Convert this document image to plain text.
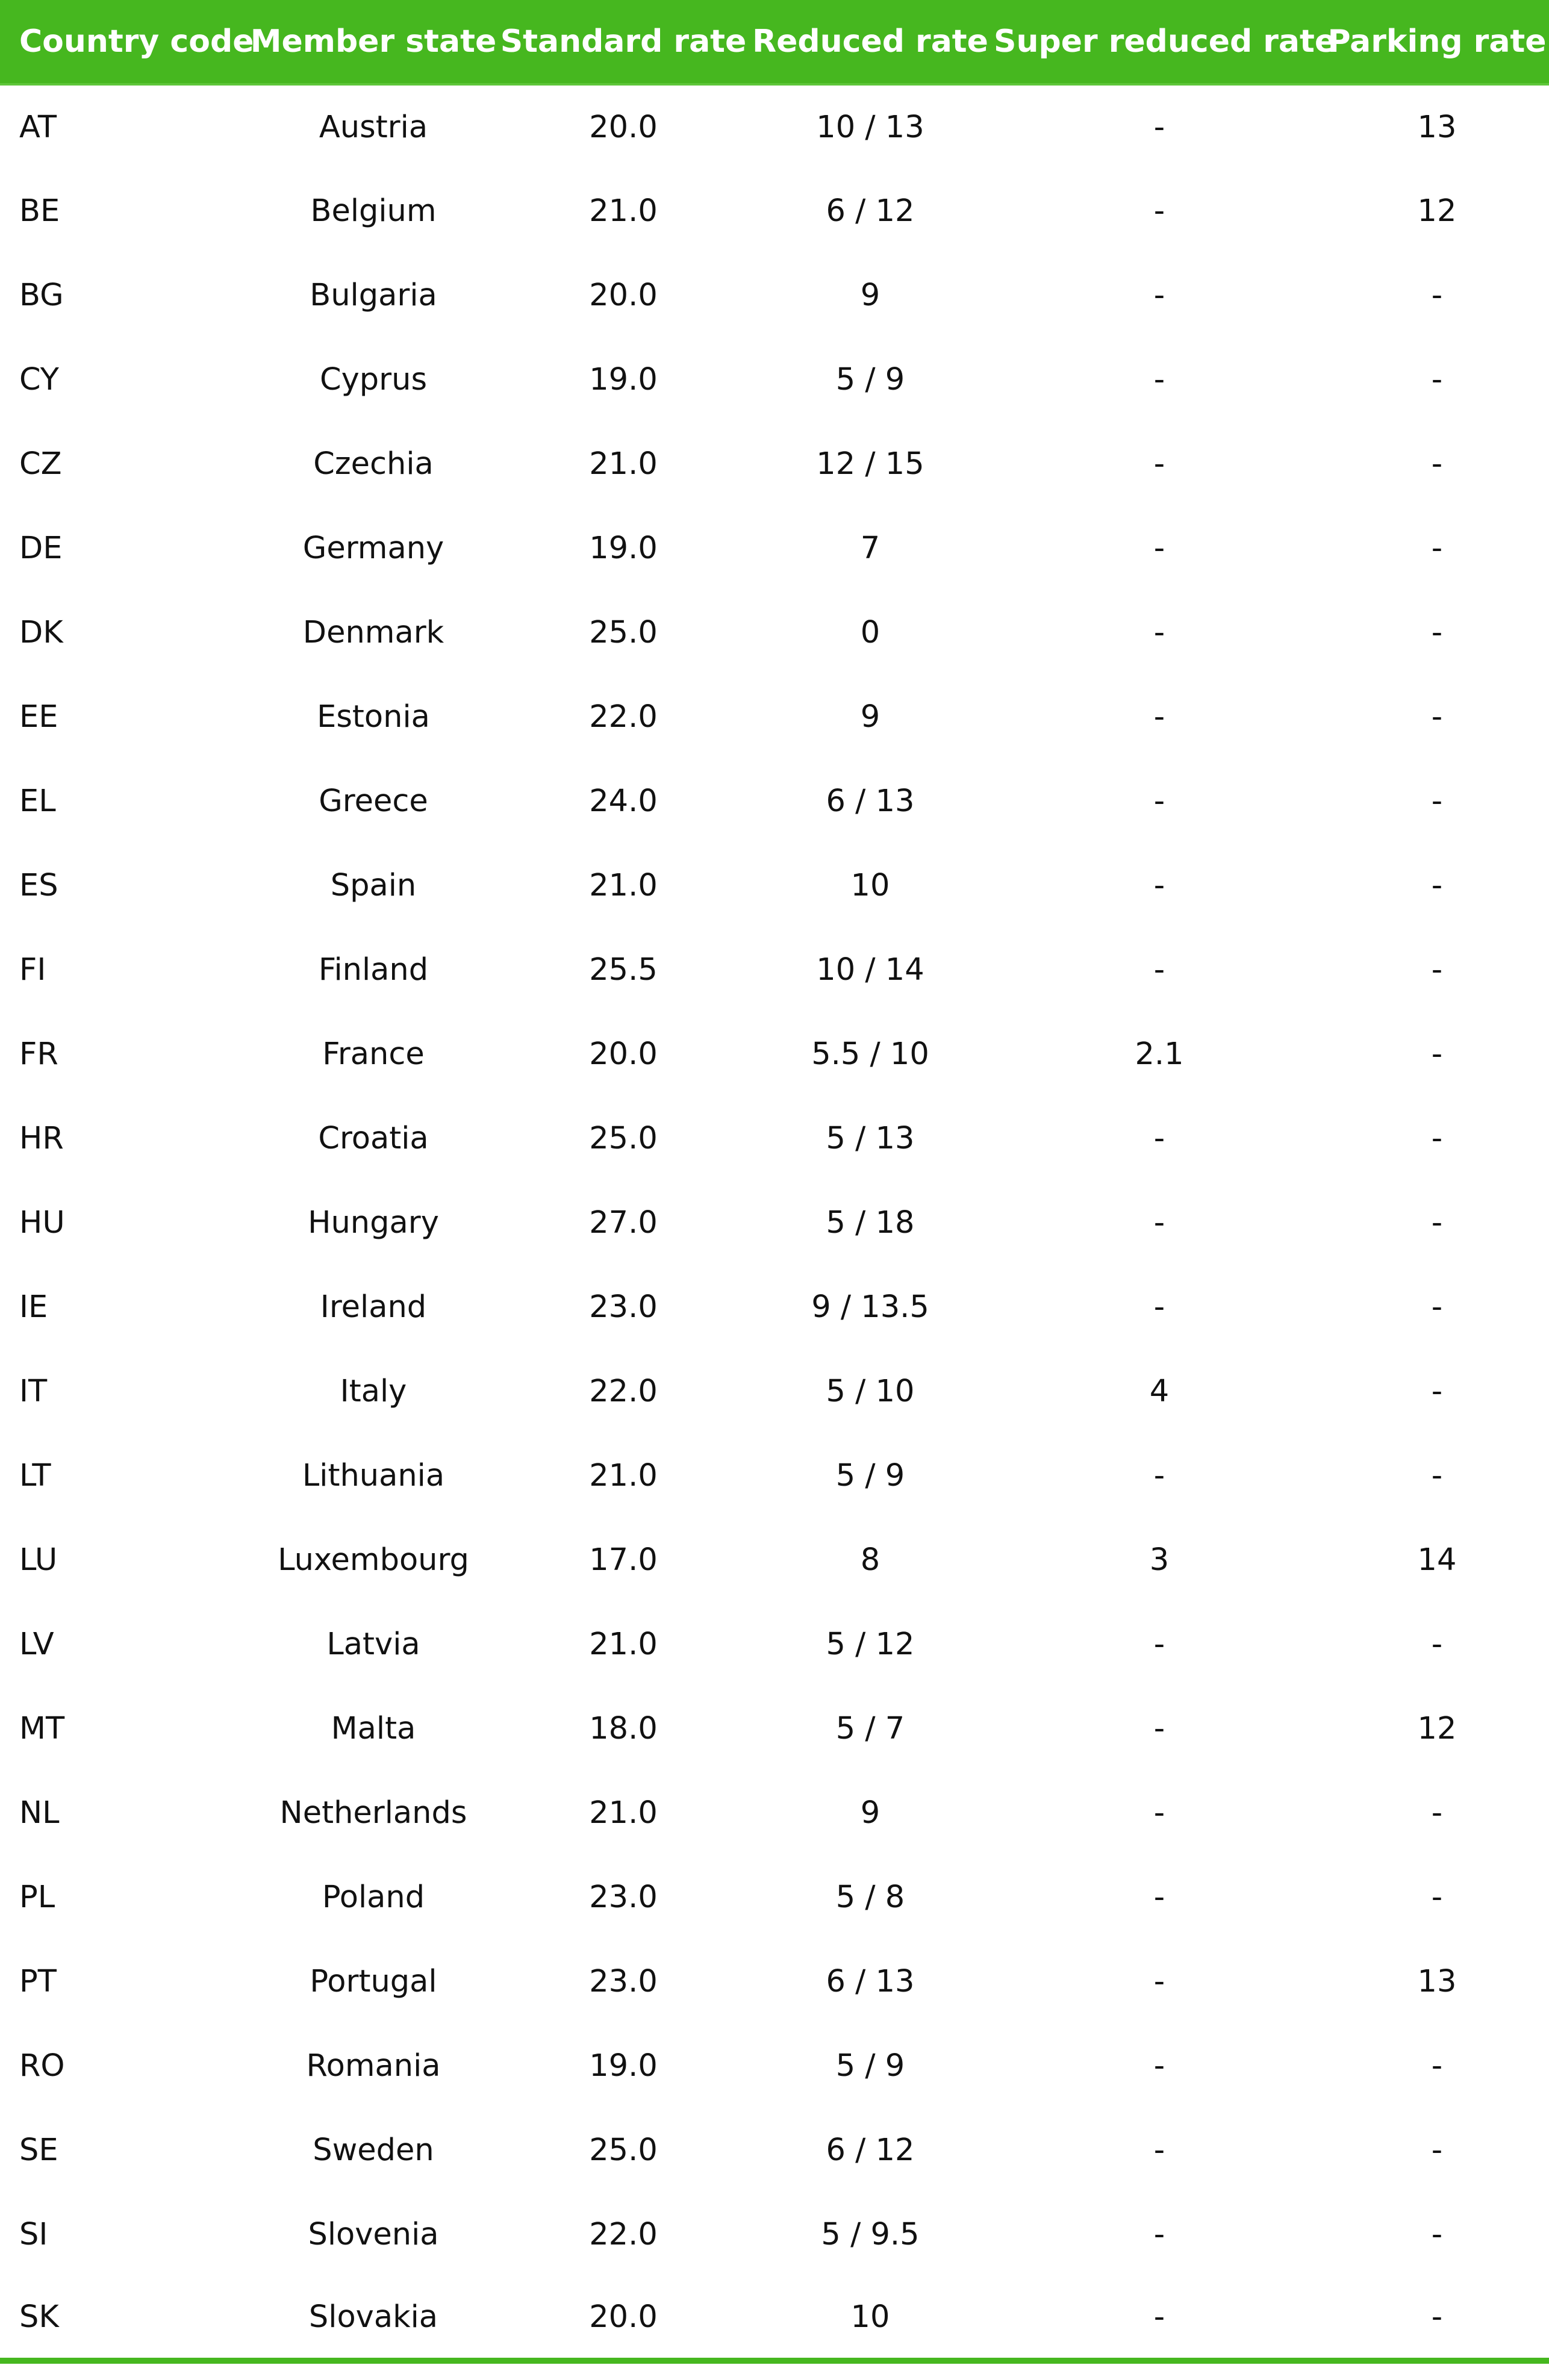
Country code	Member state	Standard rate	Reduced rate	Super reduced rate	Parking rate
AT	Austria	20.0	10 / 13	-	13
BE	Belgium	21.0	6 / 12	-	12
BG	Bulgaria	20.0	9	-	-
CY	Cyprus	19.0	5 / 9	-	-
CZ	Czechia	21.0	12 / 15	-	-
DE	Germany	19.0	7	-	-
DK	Denmark	25.0	0	-	-
EE	Estonia	22.0	9	-	-
EL	Greece	24.0	6 / 13	-	-
ES	Spain	21.0	10	-	-
FI	Finland	25.5	10 / 14	-	-
FR	France	20.0	5.5 / 10	2.1	-
HR	Croatia	25.0	5 / 13	-	-
HU	Hungary	27.0	5 / 18	-	-
IE	Ireland	23.0	9 / 13.5	-	-
IT	Italy	22.0	5 / 10	4	-
LT	Lithuania	21.0	5 / 9	-	-
LU	Luxembourg	17.0	8	3	14
LV	Latvia	21.0	5 / 12	-	-
MT	Malta	18.0	5 / 7	-	12
NL	Netherlands	21.0	9	-	-
PL	Poland	23.0	5 / 8	-	-
PT	Portugal	23.0	6 / 13	-	13
RO	Romania	19.0	5 / 9	-	-
SE	Sweden	25.0	6 / 12	-	-
SI	Slovenia	22.0	5 / 9.5	-	-
SK	Slovakia	20.0	10	-	-
